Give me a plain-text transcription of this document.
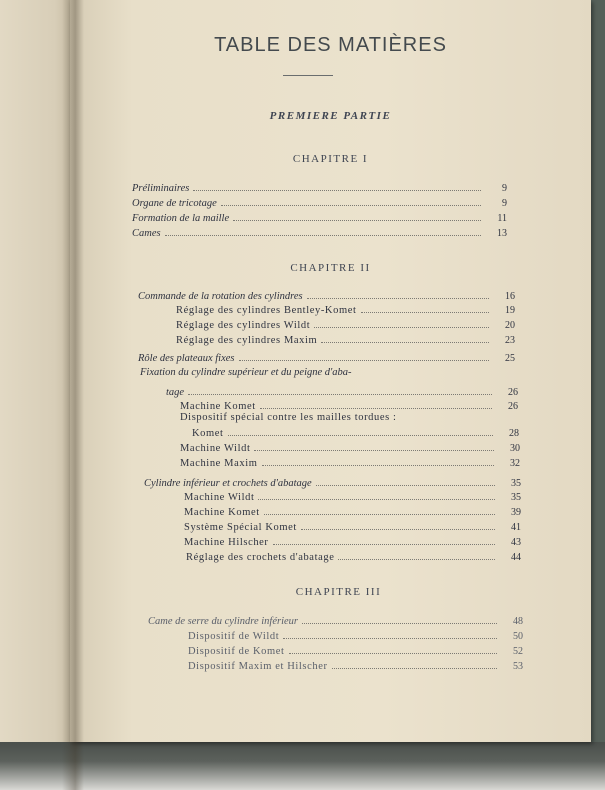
TABLE DES MATIÈRES
PREMIERE PARTIE
CHAPITRE I
Préliminaires	9
Organe de tricotage	9
Formation de la maille	11
Cames	13
CHAPITRE II
Commande de la rotation des cylindres	16
Réglage des cylindres Bentley-Komet	19
Réglage des cylindres Wildt	20
Réglage des cylindres Maxim	23
Rôle des plateaux fixes	25
Fixation du cylindre supérieur et du peigne d'aba-
tage	26
Machine Komet	26
Dispositif spécial contre les mailles tordues :
Komet	28
Machine Wildt	30
Machine Maxim	32
Cylindre inférieur et crochets d'abatage	35
Machine Wildt	35
Machine Komet	39
Système Spécial Komet	41
Machine Hilscher	43
Réglage des crochets d'abatage	44
CHAPITRE III
Came de serre du cylindre inférieur	48
Dispositif de Wildt	50
Dispositif de Komet	52
Dispositif Maxim et Hilscher	53
